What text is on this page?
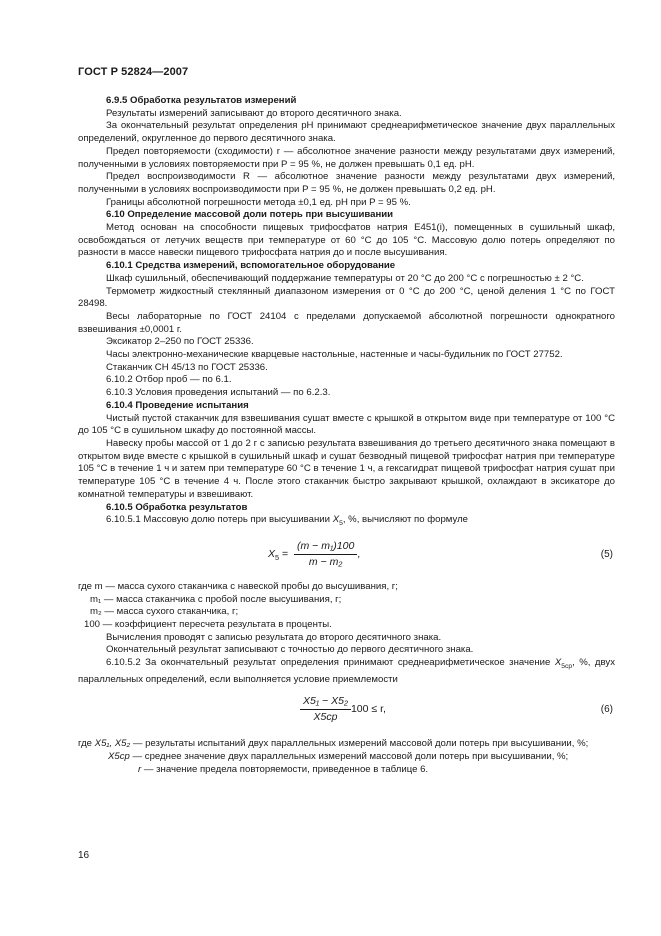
ГОСТ Р 52824—2007

6.9.5 Обработка результатов измерений

Результаты измерений записывают до второго десятичного знака.

За окончательный результат определения pH принимают среднеарифметическое значение двух параллельных определений, округленное до первого десятичного знака.

Предел повторяемости (сходимости) r — абсолютное значение разности между результатами двух измерений, полученными в условиях повторяемости при P = 95 %, не должен превышать 0,1 ед. pH.

Предел воспроизводимости R — абсолютное значение разности между результатами двух измерений, полученными в условиях воспроизводимости при P = 95 %, не должен превышать 0,2 ед. pH.

Границы абсолютной погрешности метода ±0,1 ед. pH при P = 95 %.

6.10 Определение массовой доли потерь при высушивании

Метод основан на способности пищевых трифосфатов натрия Е451(i), помещенных в сушильный шкаф, освобождаться от летучих веществ при температуре от 60 °С до 105 °С. Массовую долю потерь определяют по разности в массе навески пищевого трифосфата натрия до и после высушивания.

6.10.1 Средства измерений, вспомогательное оборудование

Шкаф сушильный, обеспечивающий поддержание температуры от 20 °С до 200 °С с погрешностью ± 2 °С.

Термометр жидкостный стеклянный диапазоном измерения от 0 °С до 200 °С, ценой деления 1 °С по ГОСТ 28498.

Весы лабораторные по ГОСТ 24104 с пределами допускаемой абсолютной погрешности однократного взвешивания ±0,0001 г.

Эксикатор 2–250 по ГОСТ 25336.

Часы электронно-механические кварцевые настольные, настенные и часы-будильник по ГОСТ 27752.

Стаканчик СН 45/13 по ГОСТ 25336.

6.10.2 Отбор проб — по 6.1.

6.10.3 Условия проведения испытаний — по 6.2.3.

6.10.4 Проведение испытания

Чистый пустой стаканчик для взвешивания сушат вместе с крышкой в открытом виде при температуре от 100 °С до 105 °С в сушильном шкафу до постоянной массы.

Навеску пробы массой от 1 до 2 г с записью результата взвешивания до третьего десятичного знака помещают в открытом виде вместе с крышкой в сушильный шкаф и сушат безводный пищевой трифосфат натрия при температуре 105 °С в течение 1 ч и затем при температуре 60 °С в течение 1 ч, а гексагидрат пищевой трифосфат натрия сушат при температуре 105 °С в течение 4 ч. После этого стаканчик быстро закрывают крышкой, охлаждают в эксикаторе до комнатной температуры и взвешивают.

6.10.5 Обработка результатов

6.10.5.1 Массовую долю потерь при высушивании $X_5$, %, вычисляют по формуле

$X_5 = \frac{\text{(m − m₁)100}}{\text{m − m₂}}$ ,	(5)

где m — масса сухого стаканчика с навеской пробы до высушивания, г;

m₁ — масса стаканчика с пробой после высушивания, г;

m₂ — масса сухого стаканчика, г;

100 — коэффициент пересчета результата в проценты.

Вычисления проводят с записью результата до второго десятичного знака.

Окончательный результат записывают с точностью до первого десятичного знака.

6.10.5.2 За окончательный результат определения принимают среднеарифметическое значение $X_{5ср}$, %, двух параллельных определений, если выполняется условие приемлемости

$\frac{\text{X5₁ − X5₂}}{X5ср} 100 \le r$,	(6)

где X5₁, X5₂ — результаты испытаний двух параллельных измерений массовой доли потерь при высушивании, %;

X5ср — среднее значение двух параллельных измерений массовой доли потерь при высушивании, %;

r — значение предела повторяемости, приведенное в таблице 6.

16
